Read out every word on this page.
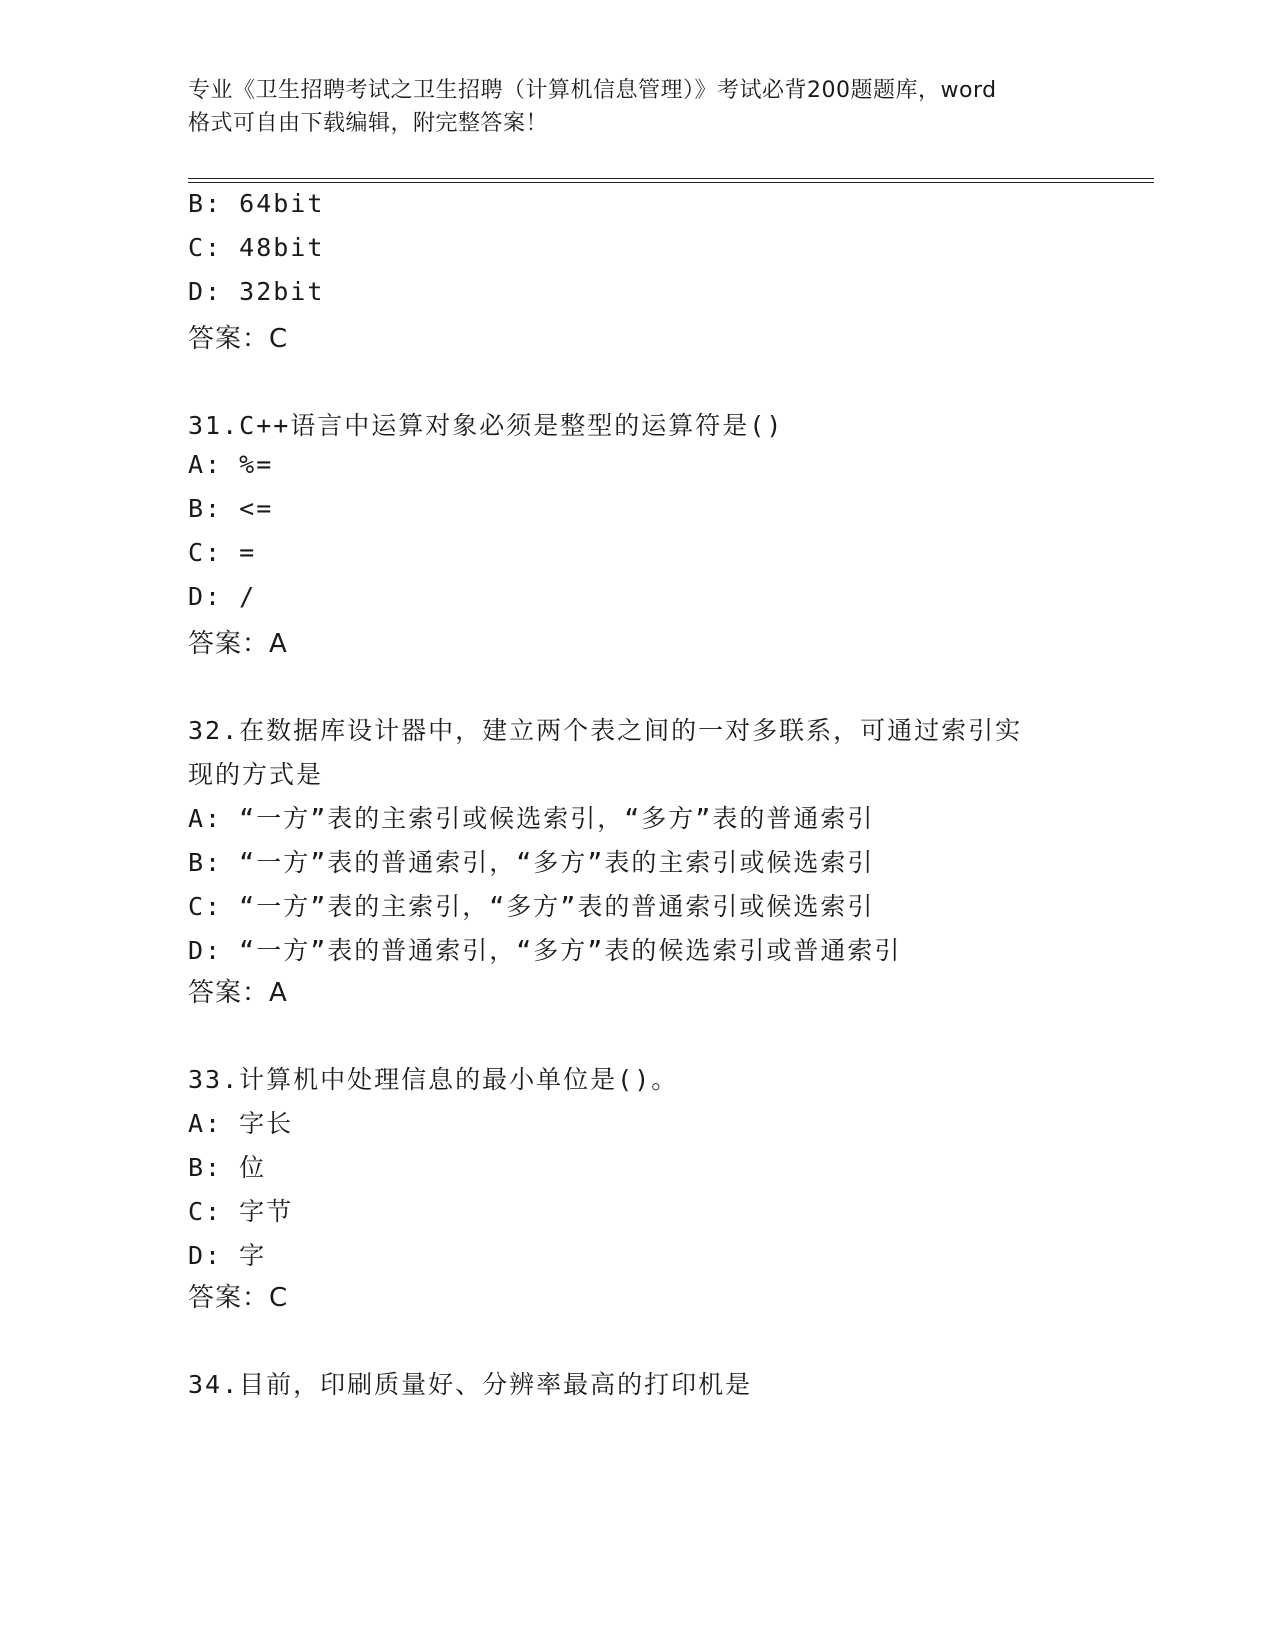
专业《卫生招聘考试之卫生招聘（计算机信息管理）》考试必背200题题库，word
格式可自由下载编辑，附完整答案！
B: 64bit
C: 48bit
D: 32bit
答案：C
31.C++语言中运算对象必须是整型的运算符是()
A: %=
B: <=
C: =
D: /
答案：A
32.在数据库设计器中，建立两个表之间的一对多联系，可通过索引实
现的方式是
A: “一方”表的主索引或候选索引，“多方”表的普通索引
B: “一方”表的普通索引，“多方”表的主索引或候选索引
C: “一方”表的主索引，“多方”表的普通索引或候选索引
D: “一方”表的普通索引，“多方”表的候选索引或普通索引
答案：A
33.计算机中处理信息的最小单位是()。
A: 字长
B: 位
C: 字节
D: 字
答案：C
34.目前，印刷质量好、分辨率最高的打印机是
